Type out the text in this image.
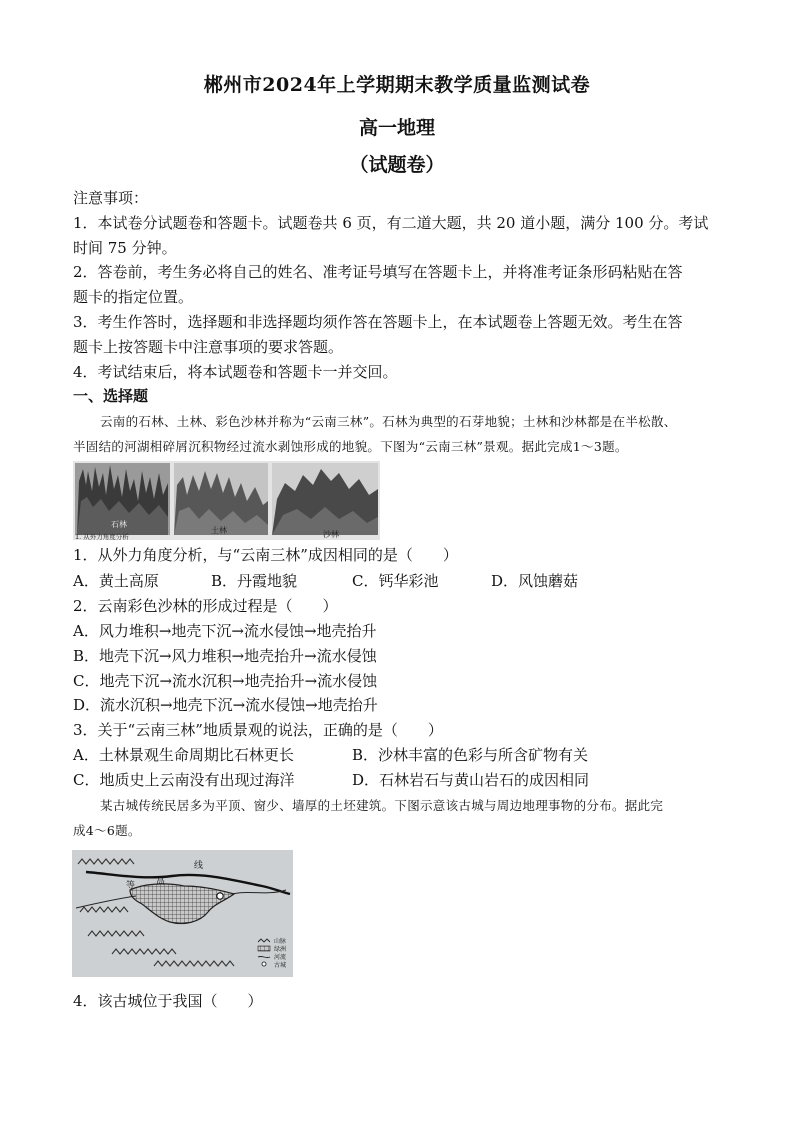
郴州市2024年上学期期末教学质量监测试卷
高一地理
（试题卷）
注意事项：
1．本试卷分试题卷和答题卡。试题卷共 6 页，有二道大题，共 20 道小题，满分 100 分。考试
时间 75 分钟。
2．答卷前，考生务必将自己的姓名、准考证号填写在答题卡上，并将准考证条形码粘贴在答
题卡的指定位置。
3．考生作答时，选择题和非选择题均须作答在答题卡上，在本试题卷上答题无效。考生在答
题卡上按答题卡中注意事项的要求答题。
4．考试结束后，将本试题卷和答题卡一并交回。
一、选择题
云南的石林、土林、彩色沙林并称为“云南三林”。石林为典型的石芽地貌；土林和沙林都是在半松散、
半固结的河湖相碎屑沉积物经过流水剥蚀形成的地貌。下图为“云南三林”景观。据此完成1～3题。
石林
土林	沙林
1. 从外力角度分析
1．从外力角度分析，与“云南三林”成因相同的是（　　）
A．黄土高原	B．丹霞地貌	C．钙华彩池	D．风蚀蘑菇
2．云南彩色沙林的形成过程是（　　）
A．风力堆积→地壳下沉→流水侵蚀→地壳抬升
B．地壳下沉→风力堆积→地壳抬升→流水侵蚀
C．地壳下沉→流水沉积→地壳抬升→流水侵蚀
D．流水沉积→地壳下沉→流水侵蚀→地壳抬升
3．关于“云南三林”地质景观的说法，正确的是（　　）
A．土林景观生命周期比石林更长	B．沙林丰富的色彩与所含矿物有关
C．地质史上云南没有出现过海洋	D．石林岩石与黄山岩石的成因相同
某古城传统民居多为平顶、窗少、墙厚的土坯建筑。下图示意该古城与周边地理事物的分布。据此完
成4～6题。
等 高
线
山脉
绿洲
河流
古城
4．该古城位于我国（　　）
